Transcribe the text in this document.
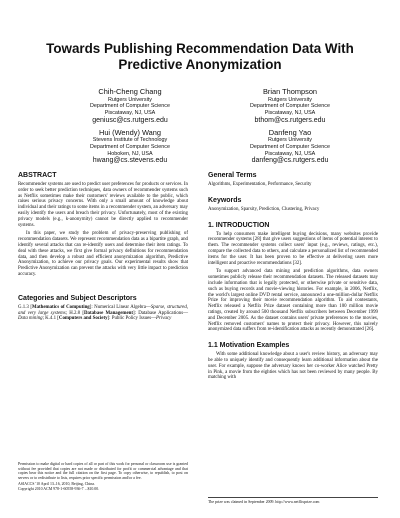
Towards Publishing Recommendation Data With Predictive Anonymization
Chih-Cheng Chang
Rutgers University
Department of Computer Science
Piscataway, NJ, USA
geniusc@cs.rutgers.edu
Brian Thompson
Rutgers University
Department of Computer Science
Piscataway, NJ, USA
bthom@cs.rutgers.edu
Hui (Wendy) Wang
Stevens Institute of Technology
Department of Computer Science
Hoboken, NJ, USA
hwang@cs.stevens.edu
Danfeng Yao
Rutgers University
Department of Computer Science
Piscataway, NJ, USA
danfeng@cs.rutgers.edu
ABSTRACT

Recommender systems are used to predict user preferences for products or services. In order to seek better prediction techniques, data owners of recommender systems such as Netflix sometimes make their customers' reviews available to the public, which raises serious privacy concerns. With only a small amount of knowledge about individual and their ratings to some items in a recommender system, an adversary may easily identify the users and breach their privacy. Unfortunately, most of the existing privacy models (e.g., k-anonymity) cannot be directly applied to recommender systems.

In this paper, we study the problem of privacy-preserving publishing of recommendation datasets. We represent recommendation data as a bipartite graph, and identify several attacks that can re-identify users and determine their item ratings. To deal with these attacks, we first give formal privacy definitions for recommendation data, and then develop a robust and efficient anonymization algorithm, Predictive Anonymization, to achieve our privacy goals. Our experimental results show that Predictive Anonymization can prevent the attacks with very little impact to prediction accuracy.

Categories and Subject Descriptors

G.1.3 [Mathematics of Computing]: Numerical Linear Algebra—Sparse, structured, and very large systems; H.2.8 [Database Management]: Database Applications—Data mining; K.4.1 [Computers and Society]: Public Policy Issues—Privacy

Permission to make digital or hard copies of all or part of this work for personal or classroom use is granted without fee provided that copies are not made or distributed for profit or commercial advantage and that copies bear this notice and the full citation on the first page. To copy otherwise, to republish, to post on servers or to redistribute to lists, requires prior specific permission and/or a fee.

ASIACCS '10 April 13–16, 2010, Beijing, China.
Copyright 2010 ACM 978-1-60558-936-7 ...$10.00.
General Terms

Algorithms, Experimentation, Performance, Security

Keywords

Anonymization, Sparsity, Prediction, Clustering, Privacy

1. INTRODUCTION

To help consumers make intelligent buying decisions, many websites provide recommender systems [28] that give users suggestions of items of potential interest to them. The recommender systems collect users' input (e.g., reviews, ratings, etc.), compare the collected data to others, and calculate a personalized list of recommended items for the user. It has been proven to be effective at delivering users more intelligent and proactive recommendations [32].

To support advanced data mining and prediction algorithms, data owners sometimes publicly release their recommendation datasets. The released datasets may include information that is legally protected, or otherwise private or sensitive data, such as buying records and movie-viewing histories. For example, in 2006, Netflix, the world's largest online DVD rental service, announced a one-million-dollar Netflix Prize for improving their movie recommendation algorithm. To aid contestants, Netflix released a Netflix Prize dataset containing more than 100 million movie ratings, created by around 500 thousand Netflix subscribers between December 1999 and December 2005. As the dataset contains users' private preferences to the movies, Netflix removed customers' names to protect their privacy. However, this naively anonymized data suffers from re-identification attacks as recently demonstrated [26].

1.1 Motivation Examples

With some additional knowledge about a user's review history, an adversary may be able to uniquely identify and consequently learn additional information about the user. For example, suppose the adversary knows her co-worker Alice watched Pretty in Pink, a movie from the eighties which has not been reviewed by many people. By matching with

The prize was claimed in September 2009. http://www.netflixprize.com
